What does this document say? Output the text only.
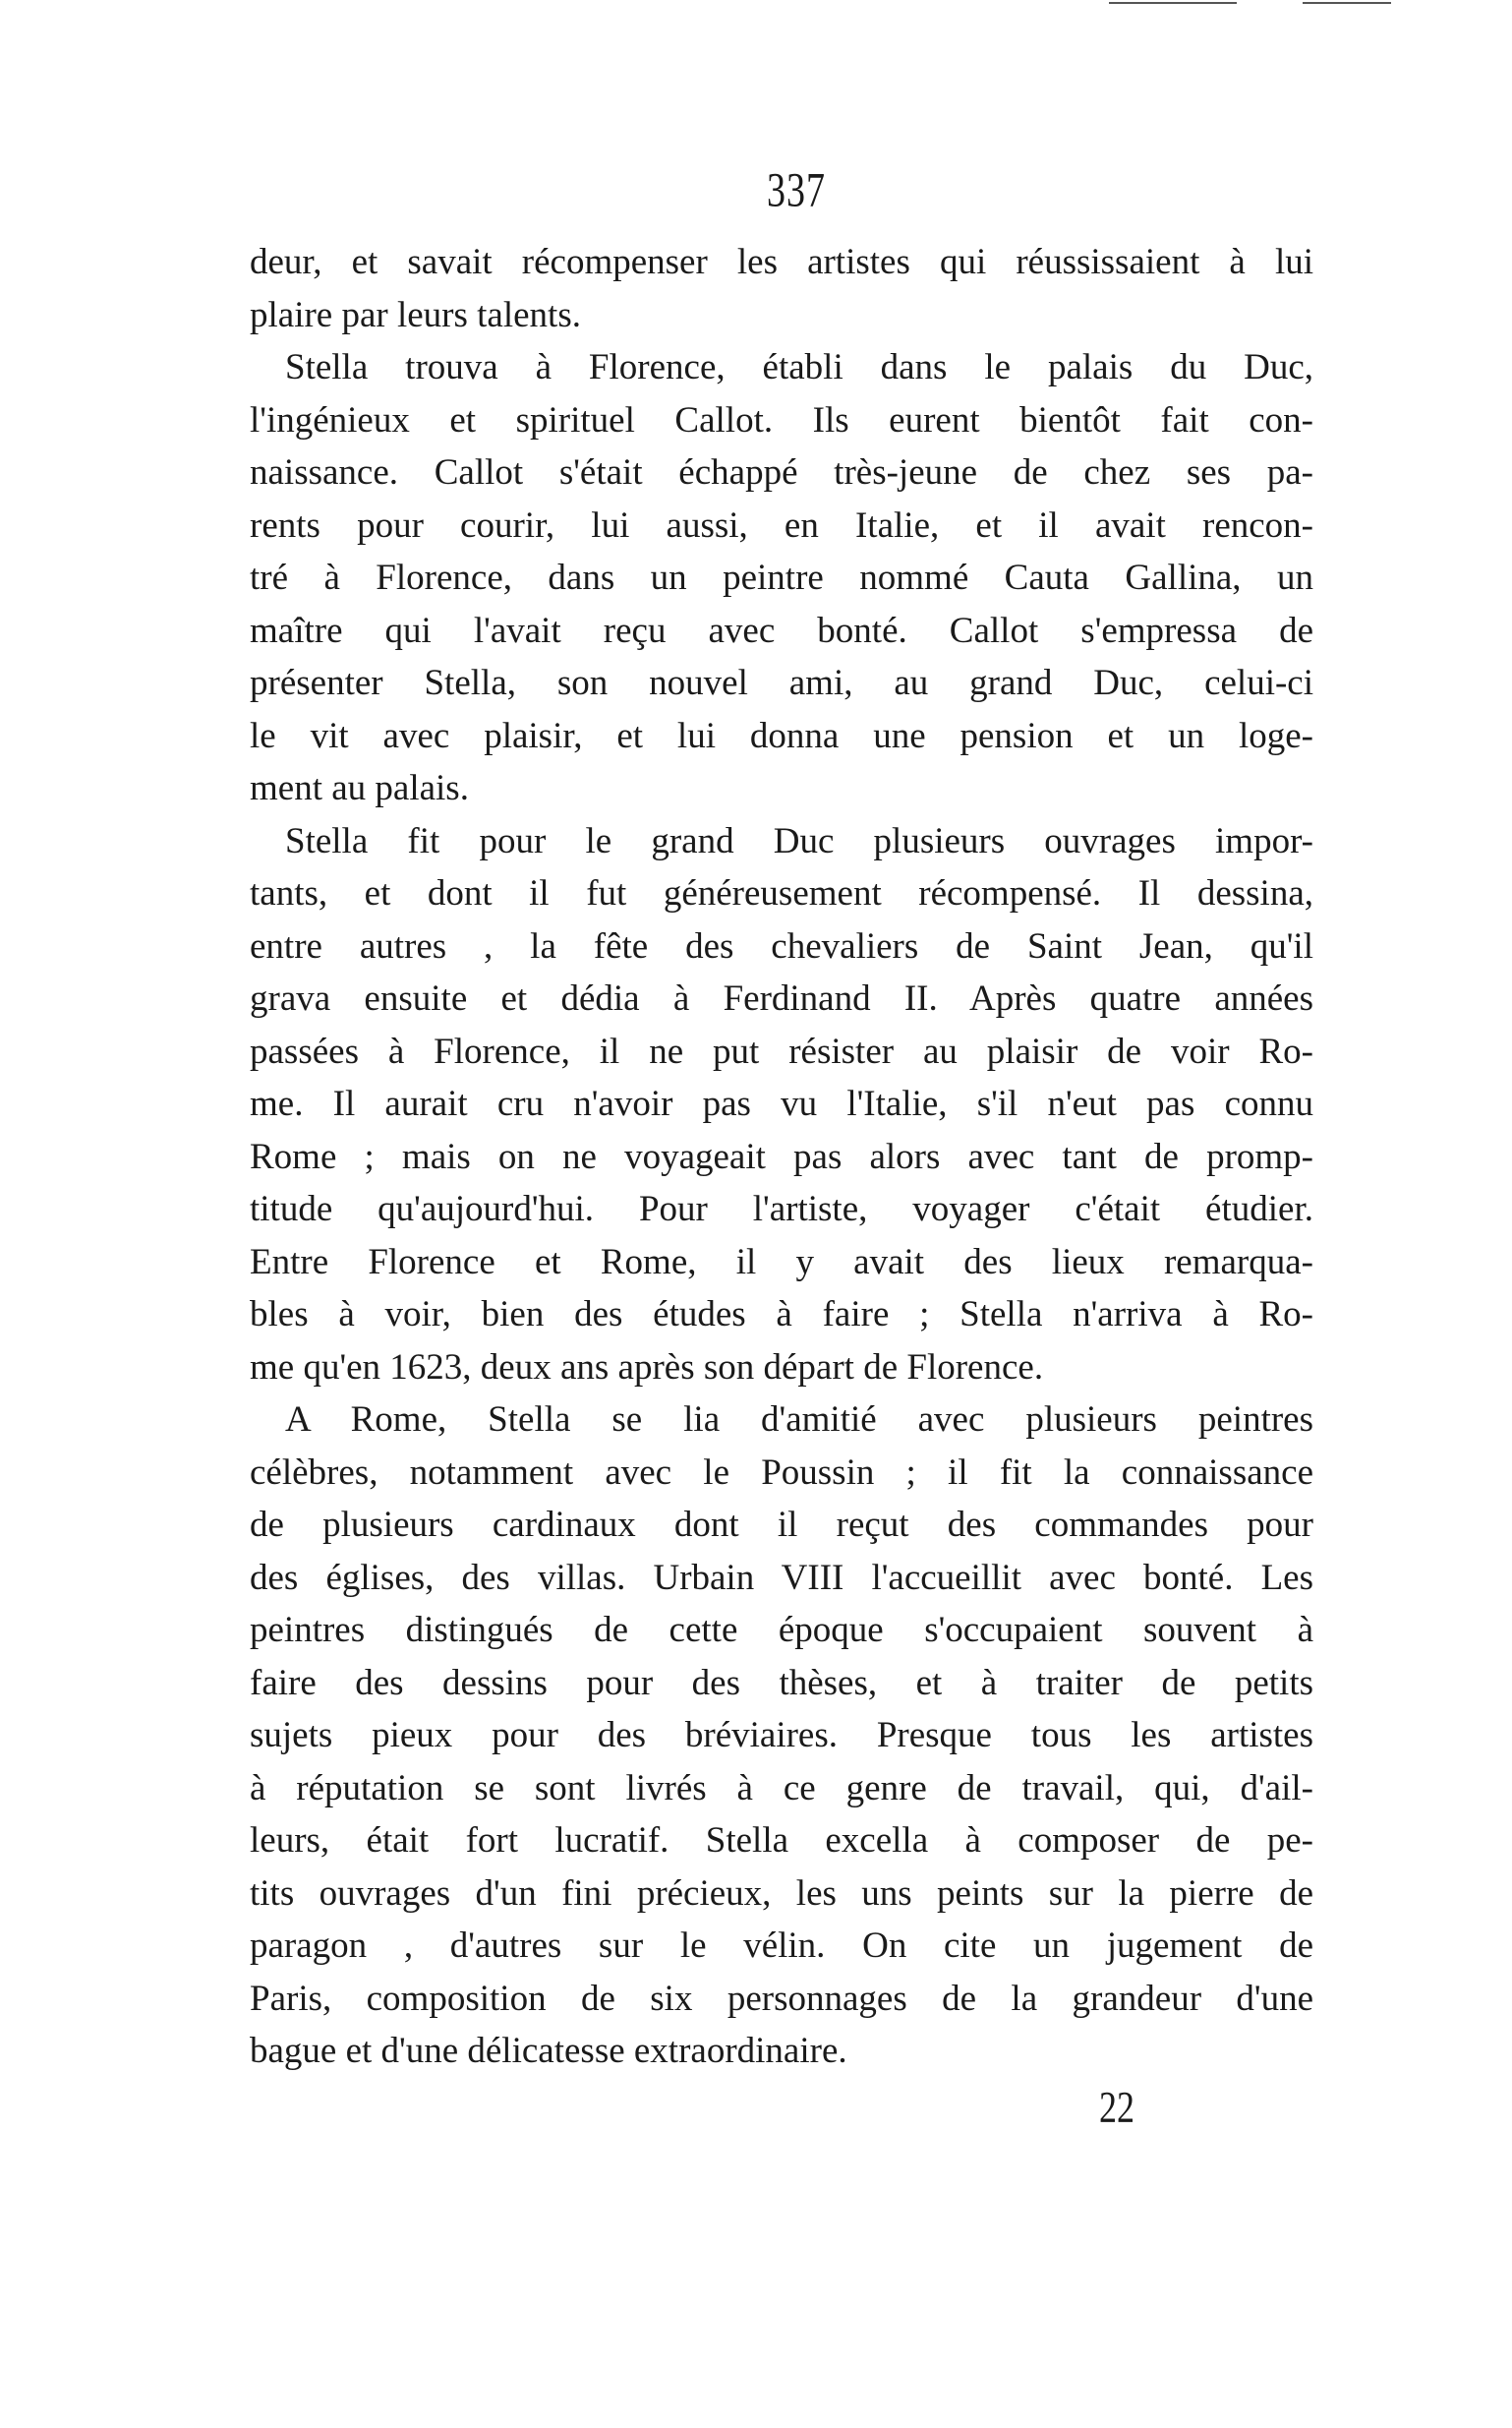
337
deur, et savait récompenser les artistes qui réussissaient à lui
plaire par leurs talents.
Stella trouva à Florence, établi dans le palais du Duc,
l'ingénieux et spirituel Callot. Ils eurent bientôt fait con-
naissance. Callot s'était échappé très-jeune de chez ses pa-
rents pour courir, lui aussi, en Italie, et il avait rencon-
tré à Florence, dans un peintre nommé Cauta Gallina, un
maître qui l'avait reçu avec bonté. Callot s'empressa de
présenter Stella, son nouvel ami, au grand Duc, celui-ci
le vit avec plaisir, et lui donna une pension et un loge-
ment au palais.
Stella fit pour le grand Duc plusieurs ouvrages impor-
tants, et dont il fut généreusement récompensé. Il dessina,
entre autres , la fête des chevaliers de Saint Jean, qu'il
grava ensuite et dédia à Ferdinand II. Après quatre années
passées à Florence, il ne put résister au plaisir de voir Ro-
me. Il aurait cru n'avoir pas vu l'Italie, s'il n'eut pas connu
Rome ; mais on ne voyageait pas alors avec tant de promp-
titude qu'aujourd'hui. Pour l'artiste, voyager c'était étudier.
Entre Florence et Rome, il y avait des lieux remarqua-
bles à voir, bien des études à faire ; Stella n'arriva à Ro-
me qu'en 1623, deux ans après son départ de Florence.
A Rome, Stella se lia d'amitié avec plusieurs peintres
célèbres, notamment avec le Poussin ; il fit la connaissance
de plusieurs cardinaux dont il reçut des commandes pour
des églises, des villas. Urbain VIII l'accueillit avec bonté. Les
peintres distingués de cette époque s'occupaient souvent à
faire des dessins pour des thèses, et à traiter de petits
sujets pieux pour des bréviaires. Presque tous les artistes
à réputation se sont livrés à ce genre de travail, qui, d'ail-
leurs, était fort lucratif. Stella excella à composer de pe-
tits ouvrages d'un fini précieux, les uns peints sur la pierre de
paragon , d'autres sur le vélin. On cite un jugement de
Paris, composition de six personnages de la grandeur d'une
bague et d'une délicatesse extraordinaire.
22
